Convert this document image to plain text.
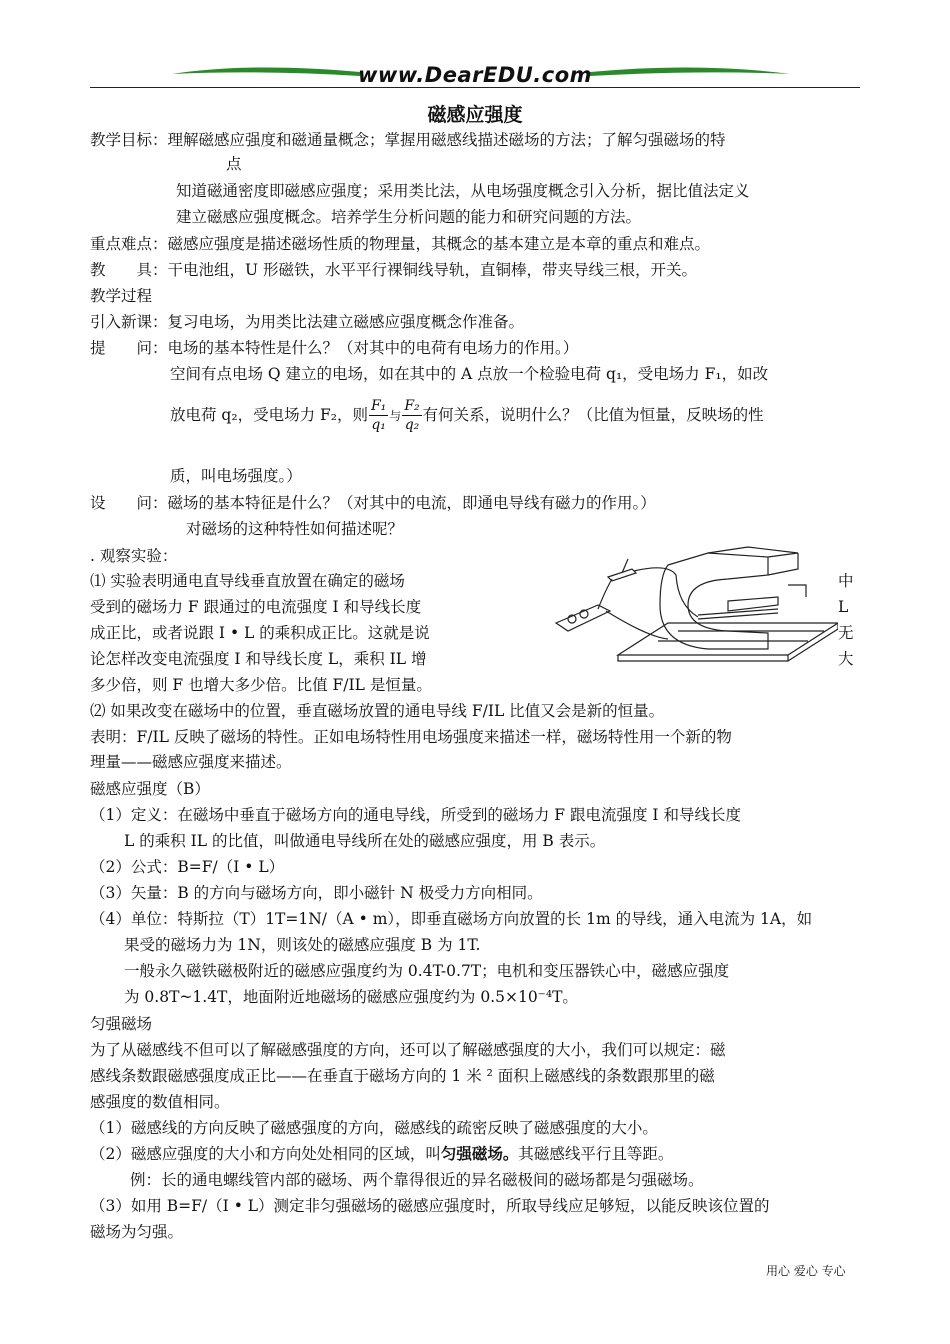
www.DearEDU.com
磁感应强度
教学目标：理解磁感应强度和磁通量概念；掌握用磁感线描述磁场的方法；了解匀强磁场的特
点
知道磁通密度即磁感应强度；采用类比法，从电场强度概念引入分析，据比值法定义
建立磁感应强度概念。培养学生分析问题的能力和研究问题的方法。
重点难点：磁感应强度是描述磁场性质的物理量，其概念的基本建立是本章的重点和难点。
教　　具：干电池组，U 形磁铁，水平平行裸铜线导轨，直铜棒，带夹导线三根，开关。
教学过程
引入新课：复习电场，为用类比法建立磁感应强度概念作准备。
提　　问：电场的基本特性是什么？（对其中的电荷有电场力的作用。）
空间有点电场 Q 建立的电场，如在其中的 A 点放一个检验电荷 q₁，受电场力 F₁，如改
放电荷 q₂，受电场力 F₂，则 $\frac{\text{F₁}}{\text{q₁}}$ 与 $\frac{\text{F₂}}{\text{q₂}}$ 有何关系，说明什么？（比值为恒量，反映场的性
质，叫电场强度。）
设　　问：磁场的基本特征是什么？（对其中的电流，即通电导线有磁力的作用。）
对磁场的这种特性如何描述呢？
. 观察实验：
⑴ 实验表明通电直导线垂直放置在确定的磁场	中
受到的磁场力 F 跟通过的电流强度 I 和导线长度	L
成正比，或者说跟 I • L 的乘积成正比。这就是说	无
论怎样改变电流强度 I 和导线长度 L，乘积 IL 增	大
多少倍，则 F 也增大多少倍。比值 F/IL 是恒量。
⑵ 如果改变在磁场中的位置，垂直磁场放置的通电导线 F/IL 比值又会是新的恒量。
表明：F/IL 反映了磁场的特性。正如电场特性用电场强度来描述一样，磁场特性用一个新的物
理量——磁感应强度来描述。
磁感应强度（B）
（1）定义：在磁场中垂直于磁场方向的通电导线，所受到的磁场力 F 跟电流强度 I 和导线长度
L 的乘积 IL 的比值，叫做通电导线所在处的磁感应强度，用 B 表示。
（2）公式：B=F/（I • L）
（3）矢量：B 的方向与磁场方向，即小磁针 N 极受力方向相同。
（4）单位：特斯拉（T）1T=1N/（A • m），即垂直磁场方向放置的长 1m 的导线，通入电流为 1A，如
果受的磁场力为 1N，则该处的磁感应强度 B 为 1T.
一般永久磁铁磁极附近的磁感应强度约为 0.4T-0.7T；电机和变压器铁心中，磁感应强度
为 0.8T~1.4T，地面附近地磁场的磁感应强度约为 0.5×10⁻⁴T。
匀强磁场
为了从磁感线不但可以了解磁感强度的方向，还可以了解磁感强度的大小，我们可以规定：磁
感线条数跟磁感强度成正比——在垂直于磁场方向的 1 米 ² 面积上磁感线的条数跟那里的磁
感强度的数值相同。
（1）磁感线的方向反映了磁感强度的方向，磁感线的疏密反映了磁感强度的大小。
（2）磁感应强度的大小和方向处处相同的区域，叫匀强磁场。其磁感线平行且等距。
例：长的通电螺线管内部的磁场、两个靠得很近的异名磁极间的磁场都是匀强磁场。
（3）如用 B=F/（I • L）测定非匀强磁场的磁感应强度时，所取导线应足够短，以能反映该位置的
磁场为匀强。
用心 爱心 专心
